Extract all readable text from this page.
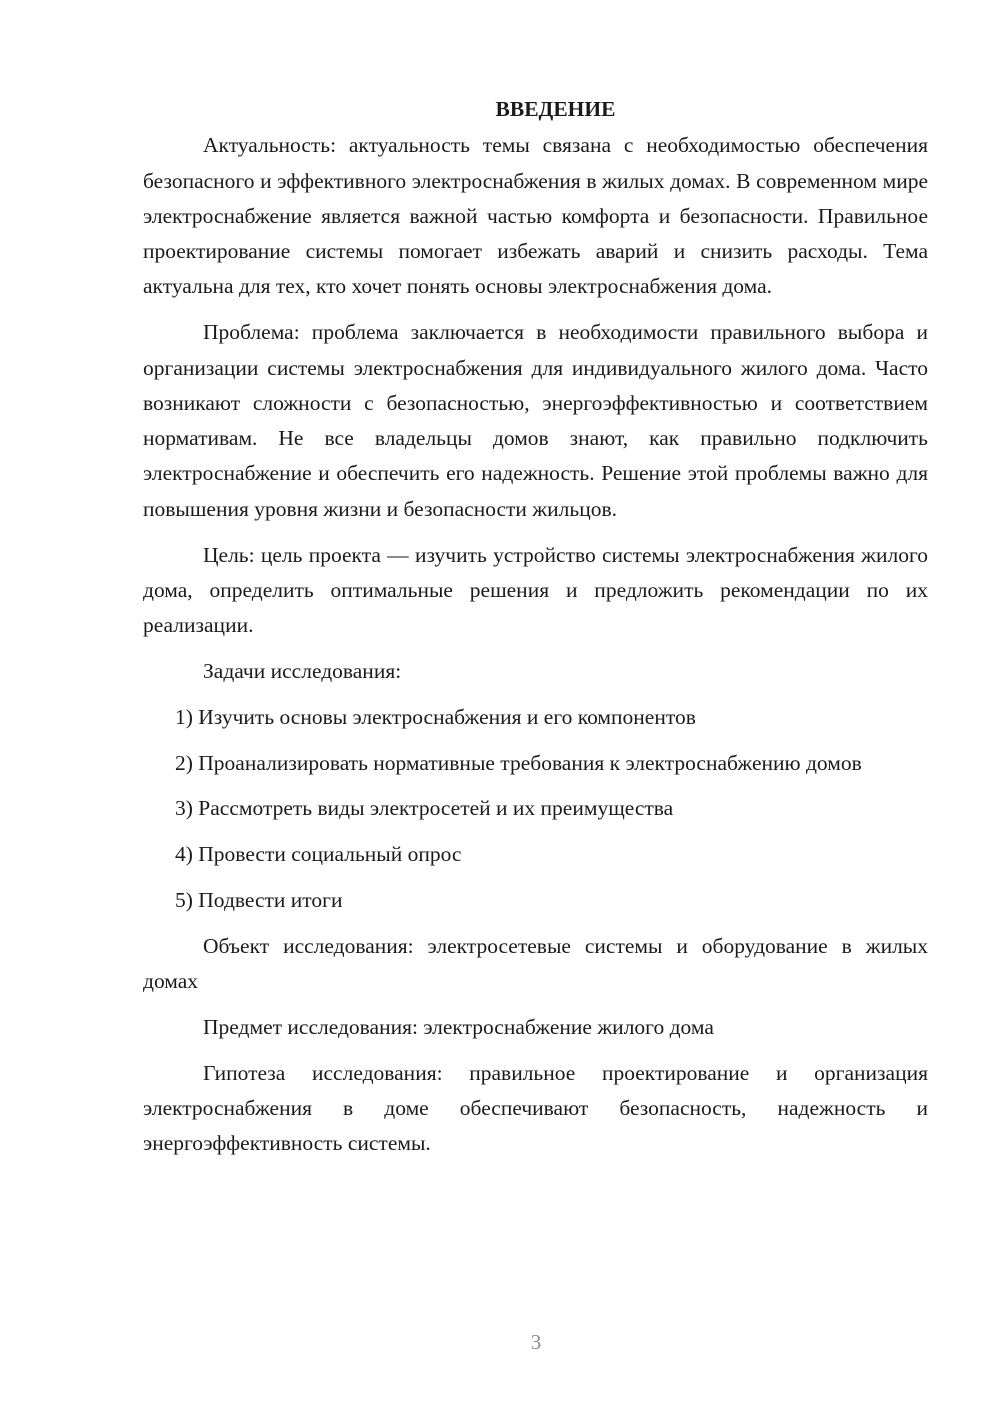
ВВЕДЕНИЕ

Актуальность: актуальность темы связана с необходимостью обеспечения безопасного и эффективного электроснабжения в жилых домах. В современном мире электроснабжение является важной частью комфорта и безопасности. Правильное проектирование системы помогает избежать аварий и снизить расходы. Тема актуальна для тех, кто хочет понять основы электроснабжения дома.

Проблема: проблема заключается в необходимости правильного выбора и организации системы электроснабжения для индивидуального жилого дома. Часто возникают сложности с безопасностью, энергоэффективностью и соответствием нормативам. Не все владельцы домов знают, как правильно подключить электроснабжение и обеспечить его надежность. Решение этой проблемы важно для повышения уровня жизни и безопасности жильцов.

Цель: цель проекта — изучить устройство системы электроснабжения жилого дома, определить оптимальные решения и предложить рекомендации по их реализации.

Задачи исследования:

1) Изучить основы электроснабжения и его компонентов

2) Проанализировать нормативные требования к электроснабжению домов

3) Рассмотреть виды электросетей и их преимущества

4) Провести социальный опрос

5) Подвести итоги

Объект исследования: электросетевые системы и оборудование в жилых домах

Предмет исследования: электроснабжение жилого дома

Гипотеза исследования: правильное проектирование и организация электроснабжения в доме обеспечивают безопасность, надежность и энергоэффективность системы.

3
